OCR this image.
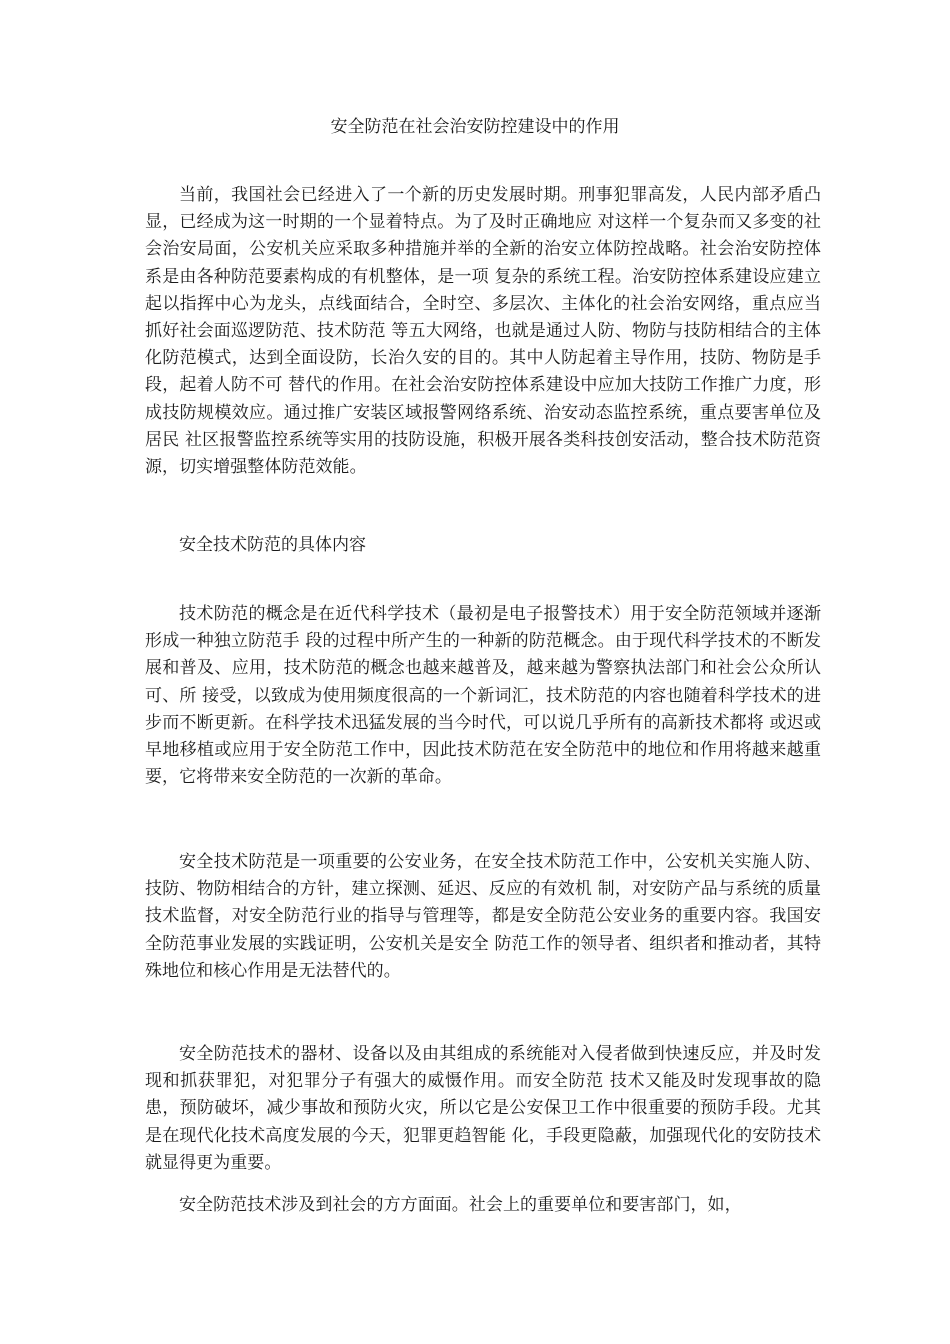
安全防范在社会治安防控建设中的作用

当前，我国社会已经进入了一个新的历史发展时期。刑事犯罪高发，人民内部矛盾凸显，已经成为这一时期的一个显着特点。为了及时正确地应 对这样一个复杂而又多变的社会治安局面，公安机关应采取多种措施并举的全新的治安立体防控战略。社会治安防控体系是由各种防范要素构成的有机整体，是一项 复杂的系统工程。治安防控体系建设应建立起以指挥中心为龙头，点线面结合，全时空、多层次、主体化的社会治安网络，重点应当抓好社会面巡逻防范、技术防范 等五大网络，也就是通过人防、物防与技防相结合的主体化防范模式，达到全面设防，长治久安的目的。其中人防起着主导作用，技防、物防是手段，起着人防不可 替代的作用。在社会治安防控体系建设中应加大技防工作推广力度，形成技防规模效应。通过推广安装区域报警网络系统、治安动态监控系统，重点要害单位及居民 社区报警监控系统等实用的技防设施，积极开展各类科技创安活动，整合技术防范资源，切实增强整体防范效能。

安全技术防范的具体内容

技术防范的概念是在近代科学技术（最初是电子报警技术）用于安全防范领域并逐渐形成一种独立防范手 段的过程中所产生的一种新的防范概念。由于现代科学技术的不断发展和普及、应用，技术防范的概念也越来越普及，越来越为警察执法部门和社会公众所认可、所 接受，以致成为使用频度很高的一个新词汇，技术防范的内容也随着科学技术的进步而不断更新。在科学技术迅猛发展的当今时代，可以说几乎所有的高新技术都将 或迟或早地移植或应用于安全防范工作中，因此技术防范在安全防范中的地位和作用将越来越重要，它将带来安全防范的一次新的革命。

安全技术防范是一项重要的公安业务，在安全技术防范工作中，公安机关实施人防、技防、物防相结合的方针，建立探测、延迟、反应的有效机 制，对安防产品与系统的质量技术监督，对安全防范行业的指导与管理等，都是安全防范公安业务的重要内容。我国安全防范事业发展的实践证明，公安机关是安全 防范工作的领导者、组织者和推动者，其特殊地位和核心作用是无法替代的。

安全防范技术的器材、设备以及由其组成的系统能对入侵者做到快速反应，并及时发现和抓获罪犯，对犯罪分子有强大的威慑作用。而安全防范 技术又能及时发现事故的隐患，预防破坏，减少事故和预防火灾，所以它是公安保卫工作中很重要的预防手段。尤其是在现代化技术高度发展的今天，犯罪更趋智能 化，手段更隐蔽，加强现代化的安防技术就显得更为重要。

安全防范技术涉及到社会的方方面面。社会上的重要单位和要害部门，如，
